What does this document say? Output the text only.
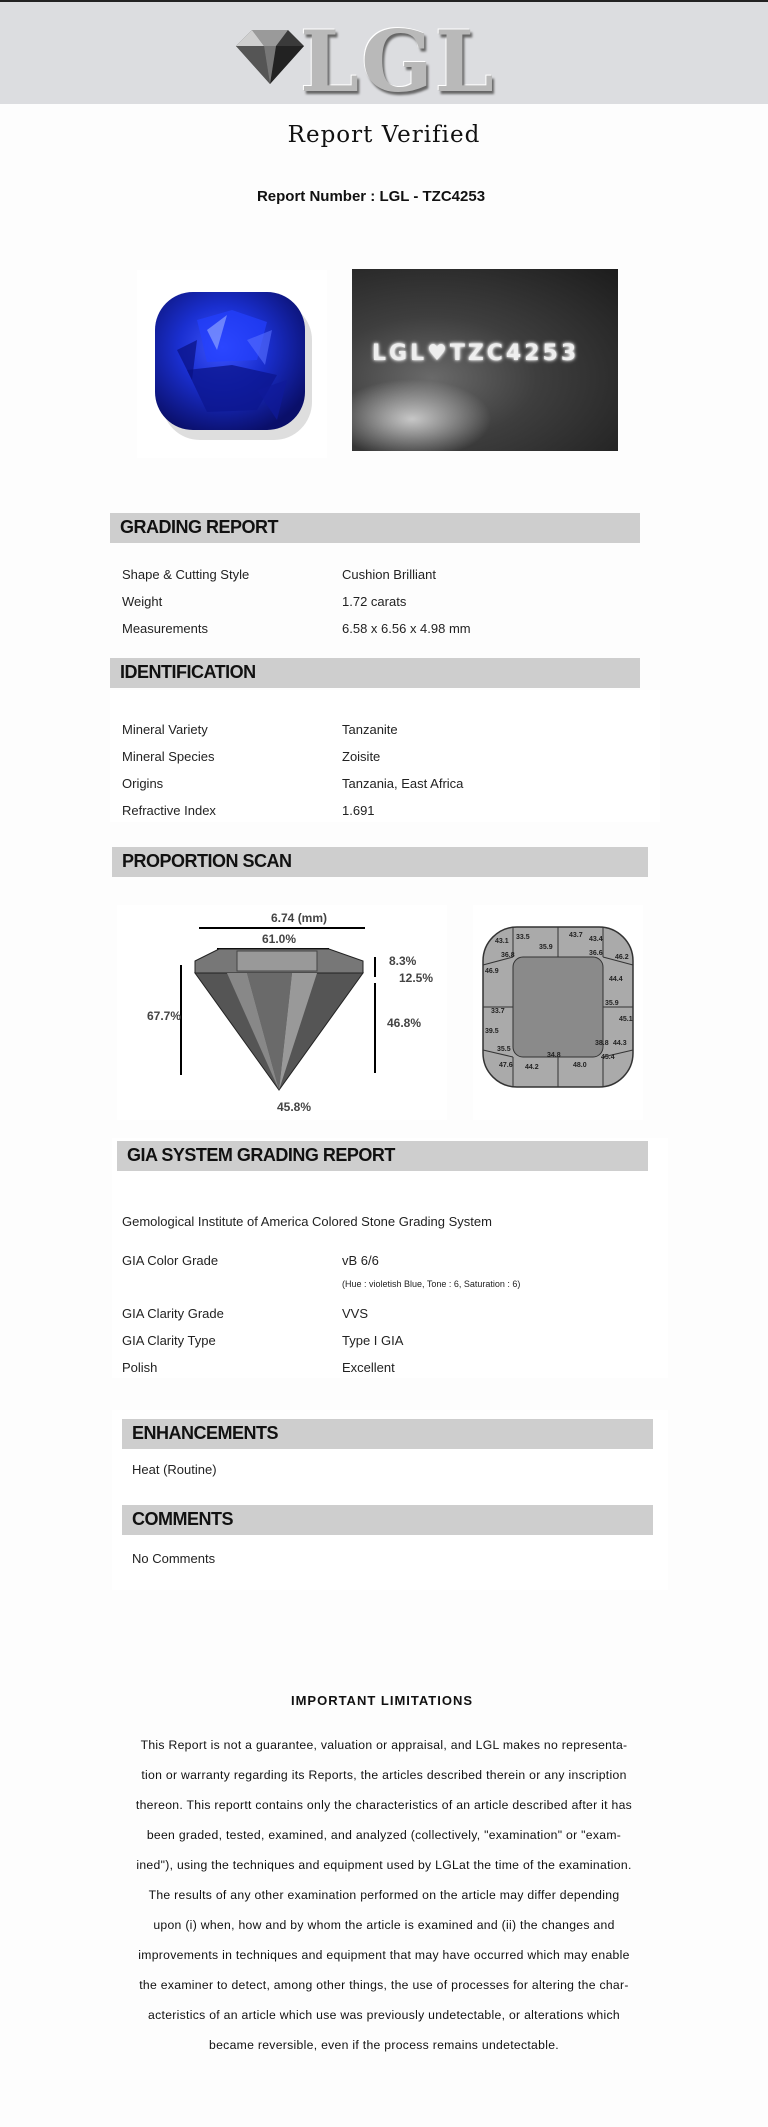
LGL
Report Verified
Report Number : LGL - TZC4253
LGL♥TZC4253
GRADING REPORT
Shape & Cutting Style	Cushion Brilliant
Weight	1.72 carats
Measurements	6.58 x 6.56 x 4.98 mm
IDENTIFICATION
Mineral Variety	Tanzanite
Mineral Species	Zoisite
Origins	Tanzania, East Africa
Refractive Index	1.691
PROPORTION SCAN
6.74 (mm)
61.0%
67.7%
8.3%
12.5%
46.8%
45.8%
43.1
33.5
35.9
43.7
43.4
36.8	36.6
46.2
46.9
44.4
35.9
33.7
45.1
39.5
35.5
34.8
38.8 44.3
47.6 44.2	48.0
45.4
GIA SYSTEM GRADING REPORT
Gemological Institute of America Colored Stone Grading System
GIA Color Grade	vB 6/6
(Hue : violetish Blue, Tone : 6, Saturation : 6)
GIA Clarity Grade	VVS
GIA Clarity Type	Type I GIA
Polish	Excellent
ENHANCEMENTS
Heat (Routine)
COMMENTS
No Comments
IMPORTANT LIMITATIONS
This Report is not a guarantee, valuation or appraisal, and LGL makes no representa-
tion or warranty regarding its Reports, the articles described therein or any inscription
thereon. This reportt contains only the characteristics of an article described after it has
been graded, tested, examined, and analyzed (collectively, "examination" or "exam-
ined"), using the techniques and equipment used by LGLat the time of the examination.
The results of any other examination performed on the article may differ depending
upon (i) when, how and by whom the article is examined and (ii) the changes and
improvements in techniques and equipment that may have occurred which may enable
the examiner to detect, among other things, the use of processes for altering the char-
acteristics of an article which use was previously undetectable, or alterations which
became reversible, even if the process remains undetectable.
